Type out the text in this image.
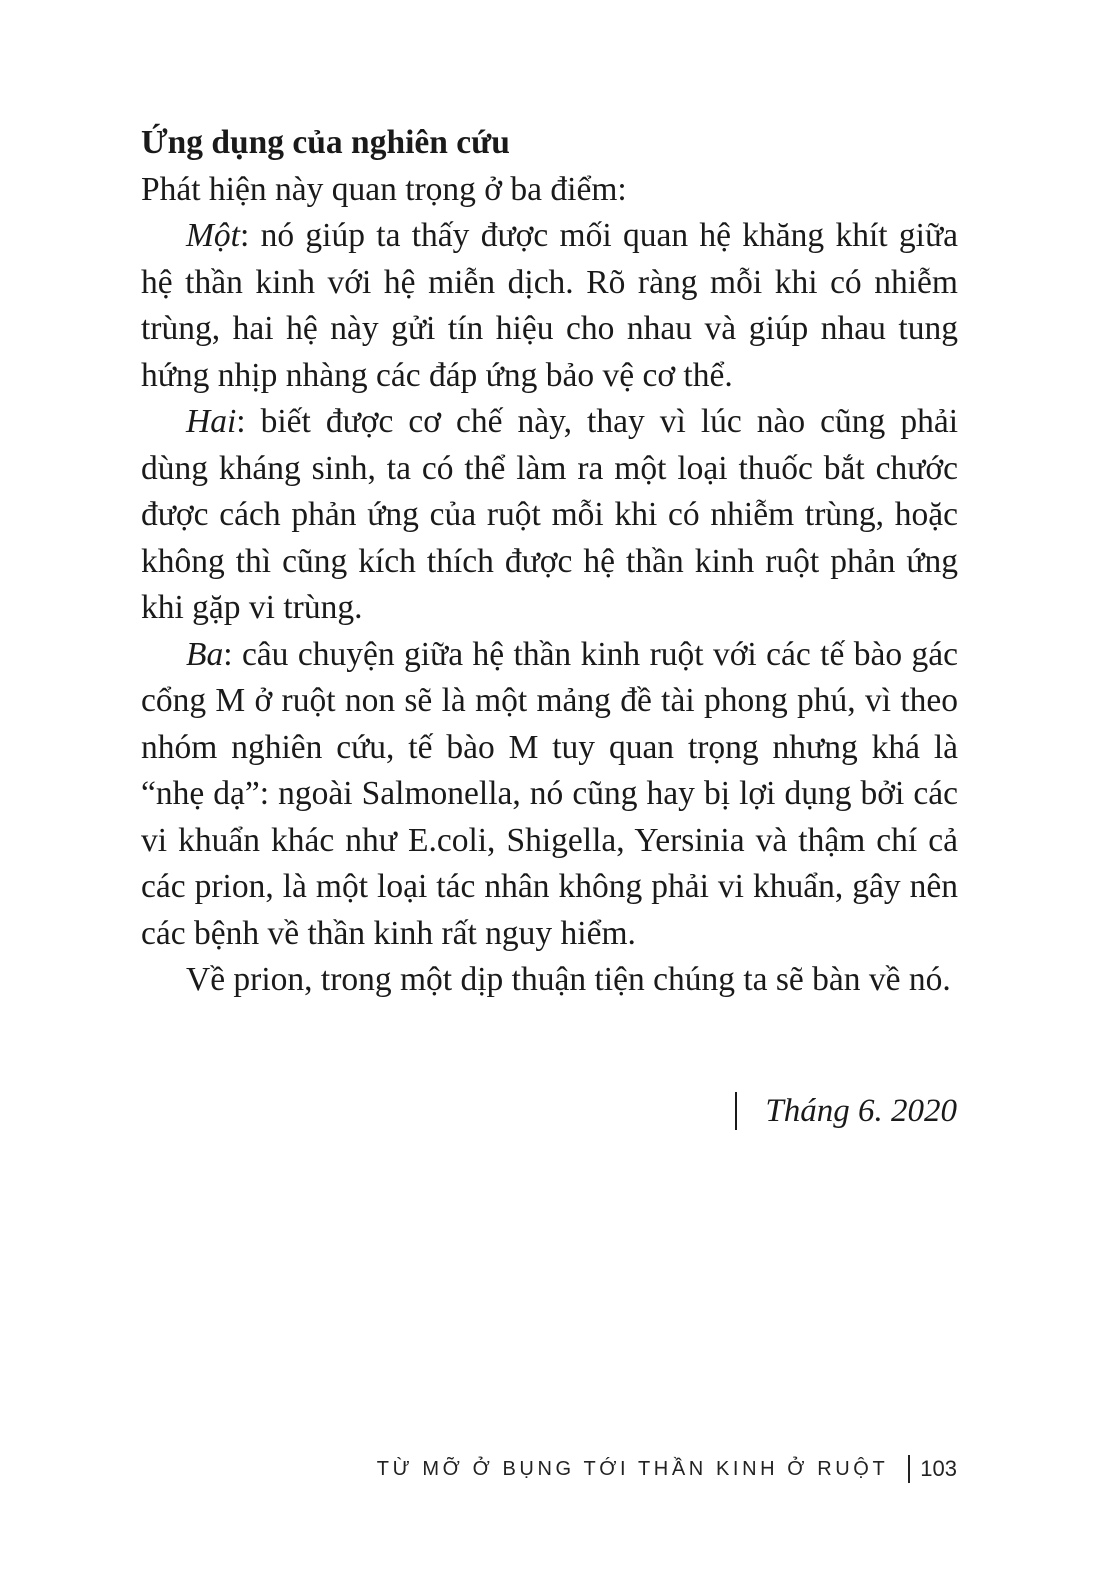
Ứng dụng của nghiên cứu

Phát hiện này quan trọng ở ba điểm:

Một: nó giúp ta thấy được mối quan hệ khăng khít giữa hệ thần kinh với hệ miễn dịch. Rõ ràng mỗi khi có nhiễm trùng, hai hệ này gửi tín hiệu cho nhau và giúp nhau tung hứng nhịp nhàng các đáp ứng bảo vệ cơ thể.

Hai: biết được cơ chế này, thay vì lúc nào cũng phải dùng kháng sinh, ta có thể làm ra một loại thuốc bắt chước được cách phản ứng của ruột mỗi khi có nhiễm trùng, hoặc không thì cũng kích thích được hệ thần kinh ruột phản ứng khi gặp vi trùng.

Ba: câu chuyện giữa hệ thần kinh ruột với các tế bào gác cổng M ở ruột non sẽ là một mảng đề tài phong phú, vì theo nhóm nghiên cứu, tế bào M tuy quan trọng nhưng khá là “nhẹ dạ”: ngoài Salmonella, nó cũng hay bị lợi dụng bởi các vi khuẩn khác như E.coli, Shigella, Yersinia và thậm chí cả các prion, là một loại tác nhân không phải vi khuẩn, gây nên các bệnh về thần kinh rất nguy hiểm.

Về prion, trong một dịp thuận tiện chúng ta sẽ bàn về nó.

Tháng 6. 2020
TỪ MỠ Ở BỤNG TỚI THẦN KINH Ở RUỘT 103
